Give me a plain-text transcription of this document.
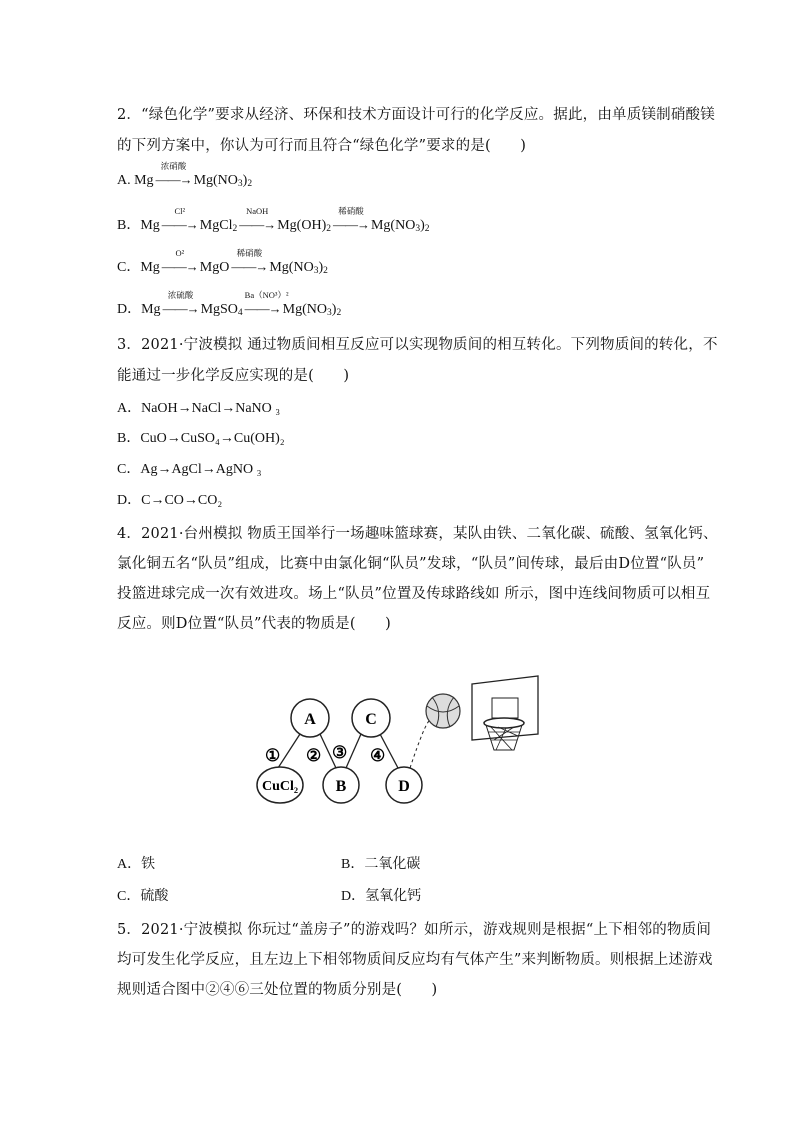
2．“绿色化学”要求从经济、环保和技术方面设计可行的化学反应。据此，由单质镁制硝酸镁
的下列方案中，你认为可行而且符合“绿色化学”要求的是(　　)
A. Mg
浓硝酸
——→ $Mg(NO_3)_2$
B．Mg
Cl²
——→ MgCl$_2$
NaOH
——→ $Mg(OH)_2$
稀硝酸
——→ $Mg(NO_3)_2$
C．Mg
O²
——→ MgO
稀硝酸
——→ $Mg(NO_3)_2$
D．Mg
浓硫酸
——→ MgSO$_4$
Ba（NO³）²
——→ $Mg(NO_3)_2$
3．2021·宁波模拟 通过物质间相互反应可以实现物质间的相互转化。下列物质间的转化，不
能通过一步化学反应实现的是(　　)
A．NaOH→NaCl→NaNO ₃
B．CuO→CuSO₄→Cu(OH)₂
C．Ag→AgCl→AgNO ₃
D．C→CO→CO₂
4．2021·台州模拟 物质王国举行一场趣味篮球赛，某队由铁、二氧化碳、硫酸、氢氧化钙、
氯化铜五名“队员”组成，比赛中由氯化铜“队员”发球，“队员”间传球，最后由D位置“队员”
投篮进球完成一次有效进攻。场上“队员”位置及传球路线如 所示，图中连线间物质可以相互
反应。则D位置“队员”代表的物质是(　　)
A	C
CuCl₂ B	D
① ② ③ ④
A．铁	B．二氧化碳
C．硫酸	D．氢氧化钙
5．2021·宁波模拟 你玩过“盖房子”的游戏吗？如所示，游戏规则是根据“上下相邻的物质间
均可发生化学反应，且左边上下相邻物质间反应均有气体产生”来判断物质。则根据上述游戏
规则适合图中②④⑥三处位置的物质分别是(　　)
